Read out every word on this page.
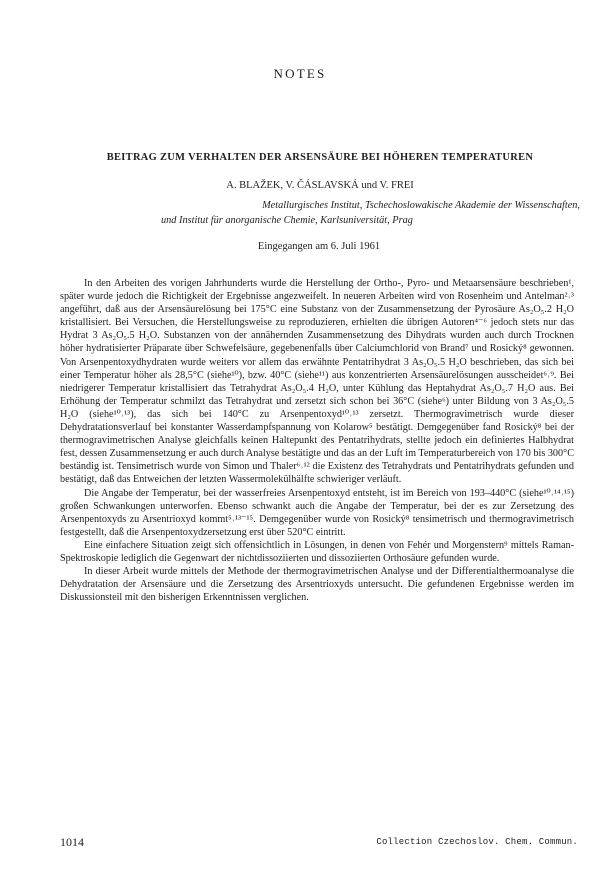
NOTES
BEITRAG ZUM VERHALTEN DER ARSENSÄURE BEI HÖHEREN TEMPERATUREN
A. BLAŽEK, V. ČÁSLAVSKÁ und V. FREI
Metallurgisches Institut, Tschechoslowakische Akademie der Wissenschaften,
und Institut für anorganische Chemie, Karlsuniversität, Prag
Eingegangen am 6. Juli 1961

In den Arbeiten des vorigen Jahrhunderts wurde die Herstellung der Ortho-, Pyro- und Metaarsensäure beschrieben¹, später wurde jedoch die Richtigkeit der Ergebnisse angezweifelt. In neueren Arbeiten wird von Rosenheim und Antelman²˒³ angeführt, daß aus der Arsensäurelösung bei 175°C eine Substanz von der Zusammensetzung der Pyrosäure As₂O₅.2 H₂O kristallisiert. Bei Versuchen, die Herstellungsweise zu reproduzieren, erhielten die übrigen Autoren⁴⁻⁶ jedoch stets nur das Hydrat 3 As₂O₅.5 H₂O. Substanzen von der annähernden Zusammensetzung des Dihydrats wurden auch durch Trocknen höher hydratisierter Präparate über Schwefelsäure, gegebenenfalls über Calciumchlorid von Brand⁷ und Rosický⁸ gewonnen. Von Arsenpentoxydhydraten wurde weiters vor allem das erwähnte Pentatrihydrat 3 As₂O₅.5 H₂O beschrieben, das sich bei einer Temperatur höher als 28,5°C (siehe¹⁰), bzw. 40°C (siehe¹¹) aus konzentrierten Arsensäurelösungen ausscheidet⁶˒⁹. Bei niedrigerer Temperatur kristallisiert das Tetrahydrat As₂O₅.4 H₂O, unter Kühlung das Heptahydrat As₂O₅.7 H₂O aus. Bei Erhöhung der Temperatur schmilzt das Tetrahydrat und zersetzt sich schon bei 36°C (siehe⁶) unter Bildung von 3 As₂O₅.5 H₂O (siehe¹⁰˒¹³), das sich bei 140°C zu Arsenpentoxyd¹⁰˒¹³ zersetzt. Thermogravimetrisch wurde dieser Dehydratationsverlauf bei konstanter Wasserdampfspannung von Kolarow⁵ bestätigt. Demgegenüber fand Rosický⁸ bei der thermogravimetrischen Analyse gleichfalls keinen Haltepunkt des Pentatrihydrats, stellte jedoch ein definiertes Halbhydrat fest, dessen Zusammensetzung er auch durch Analyse bestätigte und das an der Luft im Temperaturbereich von 170 bis 300°C beständig ist. Tensimetrisch wurde von Simon und Thaler⁶˒¹² die Existenz des Tetrahydrats und Pentatrihydrats gefunden und bestätigt, daß das Entweichen der letzten Wassermolekülhälfte schwieriger verläuft.

Die Angabe der Temperatur, bei der wasserfreies Arsenpentoxyd entsteht, ist im Bereich von 193–440°C (siehe¹⁰˒¹⁴˒¹⁵) großen Schwankungen unterworfen. Ebenso schwankt auch die Angabe der Temperatur, bei der es zur Zersetzung des Arsenpentoxyds zu Arsentrioxyd kommt⁵˒¹³⁻¹⁵. Demgegenüber wurde von Rosický⁸ tensimetrisch und thermogravimetrisch festgestellt, daß die Arsenpentoxydzersetzung erst über 520°C eintritt.

Eine einfachere Situation zeigt sich offensichtlich in Lösungen, in denen von Fehér und Morgenstern⁹ mittels Raman-Spektroskopie lediglich die Gegenwart der nichtdissoziierten und dissoziierten Orthosäure gefunden wurde.

In dieser Arbeit wurde mittels der Methode der thermogravimetrischen Analyse und der Differentialthermoanalyse die Dehydratation der Arsensäure und die Zersetzung des Arsentrioxyds untersucht. Die gefundenen Ergebnisse werden im Diskussionsteil mit den bisherigen Erkenntnissen verglichen.

1014	Collection Czechoslov. Chem. Commun.
